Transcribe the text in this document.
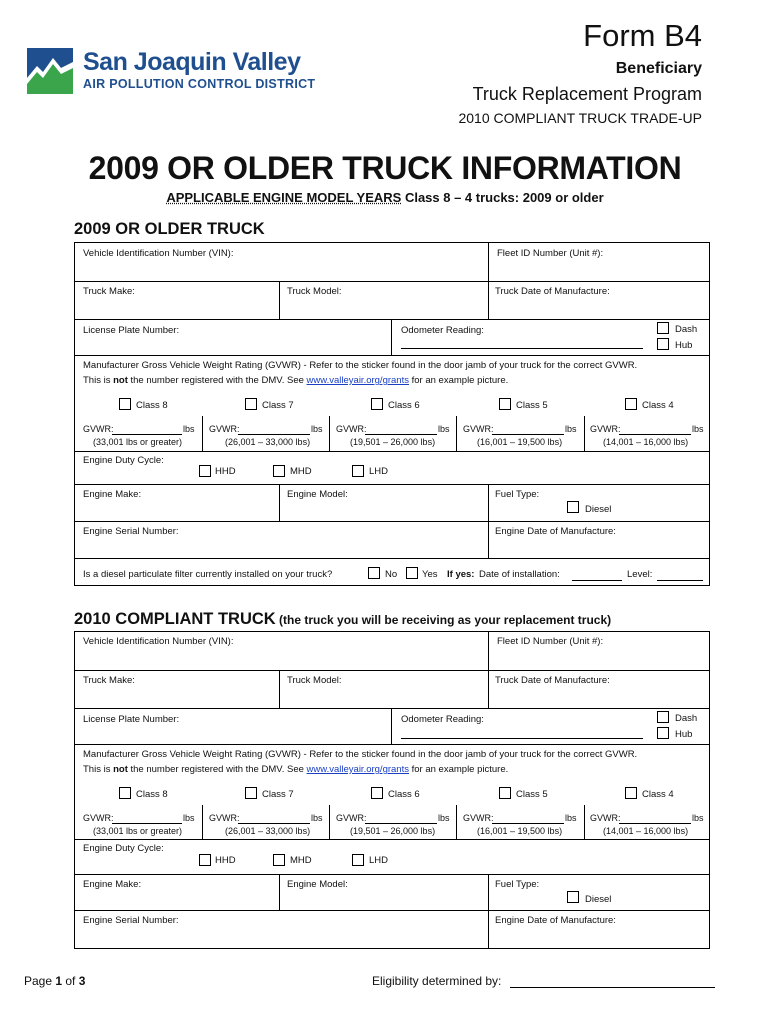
San Joaquin Valley
AIR POLLUTION CONTROL DISTRICT
Form B4
Beneficiary
Truck Replacement Program
2010 COMPLIANT TRUCK TRADE-UP
2009 OR OLDER TRUCK INFORMATION
APPLICABLE ENGINE MODEL YEARS Class 8 – 4 trucks: 2009 or older
2009 OR OLDER TRUCK
Vehicle Identification Number (VIN):	Fleet ID Number (Unit #):
Truck Make:	Truck Model:	Truck Date of Manufacture:
License Plate Number:	Odometer Reading:	Dash
Hub
Manufacturer Gross Vehicle Weight Rating (GVWR) - Refer to the sticker found in the door jamb of your truck for the correct GVWR.
This is not the number registered with the DMV. See www.valleyair.org/grants for an example picture.
Class 8	Class 7	Class 6	Class 5	Class 4
GVWR:	lbs
(33,001 lbs or greater)
GVWR:	lbs
(26,001 – 33,000 lbs)
GVWR:	lbs
(19,501 – 26,000 lbs)
GVWR:	lbs
(16,001 – 19,500 lbs)
GVWR:	lbs
(14,001 – 16,000 lbs)
Engine Duty Cycle:
HHD	MHD	LHD
Engine Make:	Engine Model:	Fuel Type:
Diesel
Engine Serial Number:	Engine Date of Manufacture:
Is a diesel particulate filter currently installed on your truck?	No	Yes If yes: Date of installation:	Level:
2010 COMPLIANT TRUCK (the truck you will be receiving as your replacement truck)
Vehicle Identification Number (VIN):	Fleet ID Number (Unit #):
Truck Make:	Truck Model:	Truck Date of Manufacture:
License Plate Number:	Odometer Reading:	Dash
Hub
Manufacturer Gross Vehicle Weight Rating (GVWR) - Refer to the sticker found in the door jamb of your truck for the correct GVWR.
This is not the number registered with the DMV. See www.valleyair.org/grants for an example picture.
Class 8	Class 7	Class 6	Class 5	Class 4
GVWR:	lbs
(33,001 lbs or greater)
GVWR:	lbs
(26,001 – 33,000 lbs)
GVWR:	lbs
(19,501 – 26,000 lbs)
GVWR:	lbs
(16,001 – 19,500 lbs)
GVWR:	lbs
(14,001 – 16,000 lbs)
Engine Duty Cycle:
HHD	MHD	LHD
Engine Make:	Engine Model:	Fuel Type:
Diesel
Engine Serial Number:	Engine Date of Manufacture:
Page 1 of 3	Eligibility determined by:
